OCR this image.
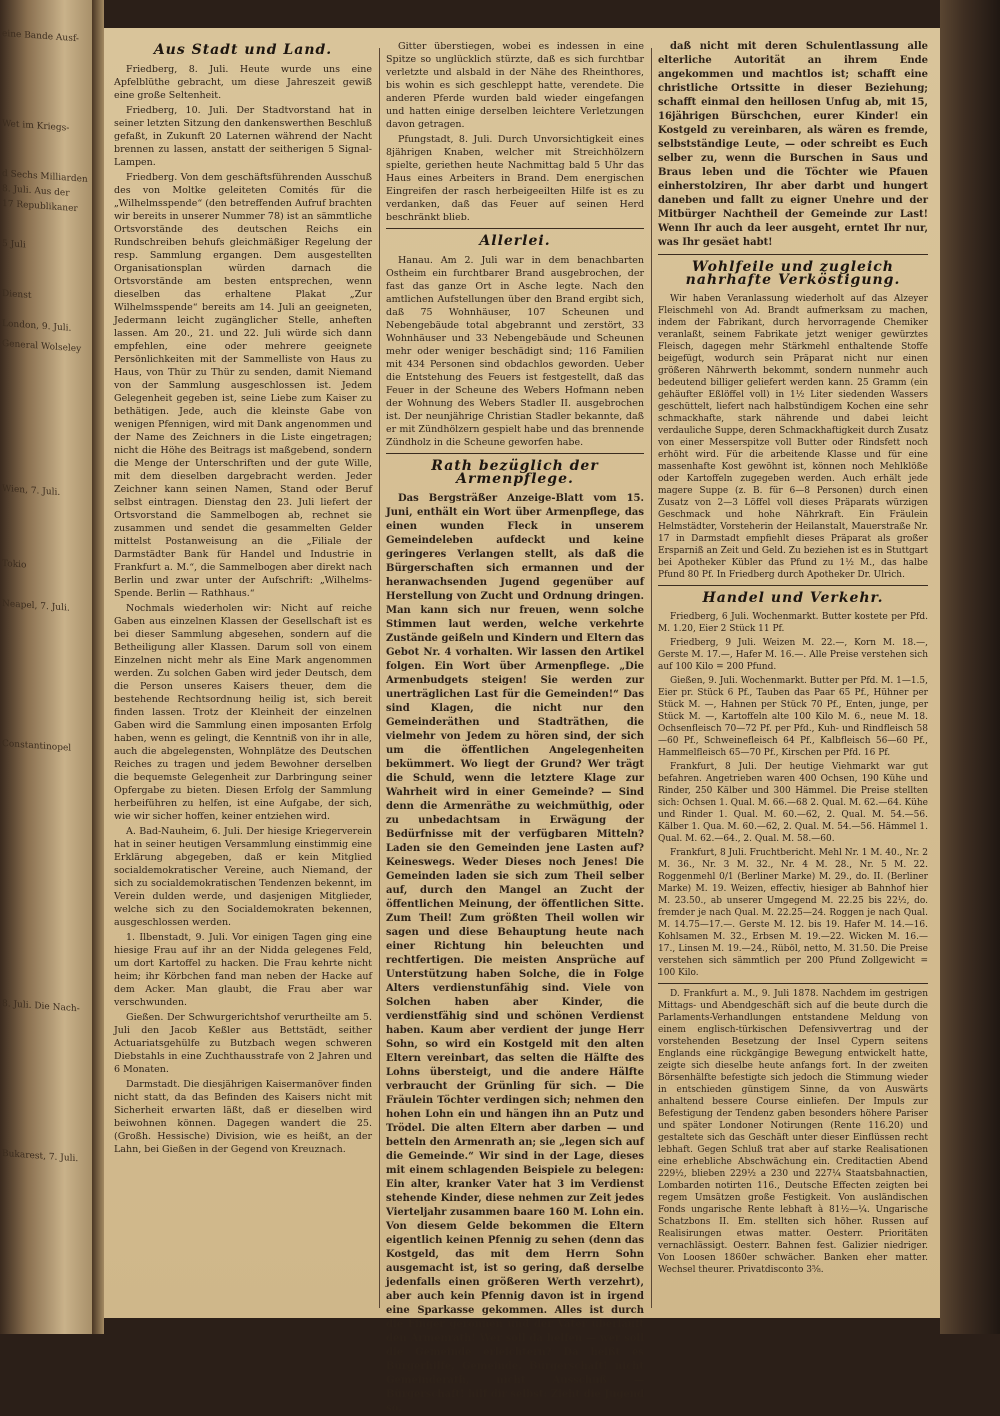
eine Bande Ausf-
Wet im Kriegs-
d Sechs Milliarden
8. Juli. Aus der
17 Republikaner
5 Juli
Dienst
London, 9. Juli.
General Wolseley
Wien, 7. Juli.
Tokio
Neapel, 7. Juli.
Constantinopel
8. Juli. Die Nach-
Bukarest, 7. Juli.
Aus Stadt und Land.

Friedberg, 8. Juli. Heute wurde uns eine Apfelblüthe gebracht, um diese Jahreszeit gewiß eine große Seltenheit.

Friedberg, 10. Juli. Der Stadtvorstand hat in seiner letzten Sitzung den dankenswerthen Beschluß gefaßt, in Zukunft 20 Laternen während der Nacht brennen zu lassen, anstatt der seitherigen 5 Signal-Lampen.

Friedberg. Von dem geschäftsführenden Ausschuß des von Moltke geleiteten Comités für die „Wilhelmsspende“ (den betreffenden Aufruf brachten wir bereits in unserer Nummer 78) ist an sämmtliche Ortsvorstände des deutschen Reichs ein Rundschreiben behufs gleichmäßiger Regelung der resp. Sammlung ergangen. Dem ausgestellten Organisationsplan würden darnach die Ortsvorstände am besten entsprechen, wenn dieselben das erhaltene Plakat „Zur Wilhelmsspende“ bereits am 14. Juli an geeigneten, Jedermann leicht zugänglicher Stelle, anheften lassen. Am 20., 21. und 22. Juli würde sich dann empfehlen, eine oder mehrere geeignete Persönlichkeiten mit der Sammelliste von Haus zu Haus, von Thür zu Thür zu senden, damit Niemand von der Sammlung ausgeschlossen ist. Jedem Gelegenheit gegeben ist, seine Liebe zum Kaiser zu bethätigen. Jede, auch die kleinste Gabe von wenigen Pfennigen, wird mit Dank angenommen und der Name des Zeichners in die Liste eingetragen; nicht die Höhe des Beitrags ist maßgebend, sondern die Menge der Unterschriften und der gute Wille, mit dem dieselben dargebracht werden. Jeder Zeichner kann seinen Namen, Stand oder Beruf selbst eintragen. Dienstag den 23. Juli liefert der Ortsvorstand die Sammelbogen ab, rechnet sie zusammen und sendet die gesammelten Gelder mittelst Postanweisung an die „Filiale der Darmstädter Bank für Handel und Industrie in Frankfurt a. M.“, die Sammelbogen aber direkt nach Berlin und zwar unter der Aufschrift: „Wilhelms-Spende. Berlin — Rathhaus.“

Nochmals wiederholen wir: Nicht auf reiche Gaben aus einzelnen Klassen der Gesellschaft ist es bei dieser Sammlung abgesehen, sondern auf die Betheiligung aller Klassen. Darum soll von einem Einzelnen nicht mehr als Eine Mark angenommen werden. Zu solchen Gaben wird jeder Deutsch, dem die Person unseres Kaisers theuer, dem die bestehende Rechtsordnung heilig ist, sich bereit finden lassen. Trotz der Kleinheit der einzelnen Gaben wird die Sammlung einen imposanten Erfolg haben, wenn es gelingt, die Kenntniß von ihr in alle, auch die abgelegensten, Wohnplätze des Deutschen Reiches zu tragen und jedem Bewohner derselben die bequemste Gelegenheit zur Darbringung seiner Opfergabe zu bieten. Diesen Erfolg der Sammlung herbeiführen zu helfen, ist eine Aufgabe, der sich, wie wir sicher hoffen, keiner entziehen wird.

A. Bad-Nauheim, 6. Juli. Der hiesige Kriegerverein hat in seiner heutigen Versammlung einstimmig eine Erklärung abgegeben, daß er kein Mitglied socialdemokratischer Vereine, auch Niemand, der sich zu socialdemokratischen Tendenzen bekennt, im Verein dulden werde, und dasjenigen Mitglieder, welche sich zu den Socialdemokraten bekennen, ausgeschlossen werden.

1. Ilbenstadt, 9. Juli. Vor einigen Tagen ging eine hiesige Frau auf ihr an der Nidda gelegenes Feld, um dort Kartoffel zu hacken. Die Frau kehrte nicht heim; ihr Körbchen fand man neben der Hacke auf dem Acker. Man glaubt, die Frau aber war verschwunden.

Gießen. Der Schwurgerichtshof verurtheilte am 5. Juli den Jacob Keßler aus Bettstädt, seither Actuariatsgehülfe zu Butzbach wegen schweren Diebstahls in eine Zuchthausstrafe von 2 Jahren und 6 Monaten.

Darmstadt. Die diesjährigen Kaisermanöver finden nicht statt, da das Befinden des Kaisers nicht mit Sicherheit erwarten läßt, daß er dieselben wird beiwohnen können. Dagegen wandert die 25. (Großh. Hessische) Division, wie es heißt, an der Lahn, bei Gießen in der Gegend von Kreuznach.

Gitter überstiegen, wobei es indessen in eine Spitze so unglücklich stürzte, daß es sich furchtbar verletzte und alsbald in der Nähe des Rheinthores, bis wohin es sich geschleppt hatte, verendete. Die anderen Pferde wurden bald wieder eingefangen und hatten einige derselben leichtere Verletzungen davon getragen.

Pfungstadt, 8. Juli. Durch Unvorsichtigkeit eines 8jährigen Knaben, welcher mit Streichhölzern spielte, geriethen heute Nachmittag bald 5 Uhr das Haus eines Arbeiters in Brand. Dem energischen Eingreifen der rasch herbeigeeilten Hilfe ist es zu verdanken, daß das Feuer auf seinen Herd beschränkt blieb.

Allerlei.

Hanau. Am 2. Juli war in dem benachbarten Ostheim ein furchtbarer Brand ausgebrochen, der fast das ganze Ort in Asche legte. Nach den amtlichen Aufstellungen über den Brand ergibt sich, daß 75 Wohnhäuser, 107 Scheunen und Nebengebäude total abgebrannt und zerstört, 33 Wohnhäuser und 33 Nebengebäude und Scheunen mehr oder weniger beschädigt sind; 116 Familien mit 434 Personen sind obdachlos geworden. Ueber die Entstehung des Feuers ist festgestellt, daß das Feuer in der Scheune des Webers Hofmann neben der Wohnung des Webers Stadler II. ausgebrochen ist. Der neunjährige Christian Stadler bekannte, daß er mit Zündhölzern gespielt habe und das brennende Zündholz in die Scheune geworfen habe.

Rath bezüglich der Armenpflege.

Das Bergsträßer Anzeige-Blatt vom 15. Juni, enthält ein Wort über Armenpflege, das einen wunden Fleck in unserem Gemeindeleben aufdeckt und keine geringeres Verlangen stellt, als daß die Bürgerschaften sich ermannen und der heranwachsenden Jugend gegenüber auf Herstellung von Zucht und Ordnung dringen. Man kann sich nur freuen, wenn solche Stimmen laut werden, welche verkehrte Zustände geißeln und Kindern und Eltern das Gebot Nr. 4 vorhalten. Wir lassen den Artikel folgen. Ein Wort über Armenpflege. „Die Armenbudgets steigen! Sie werden zur unerträglichen Last für die Gemeinden!“ Das sind Klagen, die nicht nur den Gemeinderäthen und Stadträthen, die vielmehr von Jedem zu hören sind, der sich um die öffentlichen Angelegenheiten bekümmert. Wo liegt der Grund? Wer trägt die Schuld, wenn die letztere Klage zur Wahrheit wird in einer Gemeinde? — Sind denn die Armenräthe zu weichmüthig, oder zu unbedachtsam in Erwägung der Bedürfnisse mit der verfügbaren Mitteln? Laden sie den Gemeinden jene Lasten auf? Keineswegs. Weder Dieses noch Jenes! Die Gemeinden laden sie sich zum Theil selber auf, durch den Mangel an Zucht der öffentlichen Meinung, der öffentlichen Sitte. Zum Theil! Zum größten Theil wollen wir sagen und diese Behauptung heute nach einer Richtung hin beleuchten und rechtfertigen. Die meisten Ansprüche auf Unterstützung haben Solche, die in Folge Alters verdienstunfähig sind. Viele von Solchen haben aber Kinder, die verdienstfähig sind und schönen Verdienst haben. Kaum aber verdient der junge Herr Sohn, so wird ein Kostgeld mit den alten Eltern vereinbart, das selten die Hälfte des Lohns übersteigt, und die andere Hälfte verbraucht der Grünling für sich. — Die Fräulein Töchter verdingen sich; nehmen den hohen Lohn ein und hängen ihn an Putz und Trödel. Die alten Eltern aber darben — und betteln den Armenrath an; sie „legen sich auf die Gemeinde.“ Wir sind in der Lage, dieses mit einem schlagenden Beispiele zu belegen: Ein alter, kranker Vater hat 3 im Verdienst stehende Kinder, diese nehmen zur Zeit jedes Vierteljahr zusammen baare 160 M. Lohn ein. Von diesem Gelde bekommen die Eltern eigentlich keinen Pfennig zu sehen (denn das Kostgeld, das mit dem Herrn Sohn ausgemacht ist, ist so gering, daß derselbe jedenfalls einen größeren Werth verzehrt), aber auch kein Pfennig davon ist in irgend eine Sparkasse gekommen. Alles ist durch die Finger geronnen und der Vater überläuft den Armenrath! Wer soll da helfen — wer soll die Gemeinde erleichtern? Da heißt es Bürgerhilfe, Gemeinde, Bürgerschaft! nicht Gemeinderath, nicht Ausschuß — Bürgerschaft! hilf dir selbst: Zieht die Jugend so,

daß nicht mit deren Schulentlassung alle elterliche Autorität an ihrem Ende angekommen und machtlos ist; schafft eine christliche Ortssitte in dieser Beziehung; schafft einmal den heillosen Unfug ab, mit 15, 16jährigen Bürschchen, eurer Kinder! ein Kostgeld zu vereinbaren, als wären es fremde, selbstständige Leute, — oder schreibt es Euch selber zu, wenn die Burschen in Saus und Braus leben und die Töchter wie Pfauen einherstolziren, Ihr aber darbt und hungert daneben und fallt zu eigner Unehre und der Mitbürger Nachtheil der Gemeinde zur Last! Wenn Ihr auch da leer ausgeht, erntet Ihr nur, was Ihr gesäet habt!

Wohlfeile und zugleich nahrhafte Verköstigung.

Wir haben Veranlassung wiederholt auf das Alzeyer Fleischmehl von Ad. Brandt aufmerksam zu machen, indem der Fabrikant, durch hervorragende Chemiker veranlaßt, seinem Fabrikate jetzt weniger gewürztes Fleisch, dagegen mehr Stärkmehl enthaltende Stoffe beigefügt, wodurch sein Präparat nicht nur einen größeren Nährwerth bekommt, sondern nunmehr auch bedeutend billiger geliefert werden kann. 25 Gramm (ein gehäufter Eßlöffel voll) in 1½ Liter siedenden Wassers geschüttelt, liefert nach halbstündigem Kochen eine sehr schmackhafte, stark nährende und dabei leicht verdauliche Suppe, deren Schmackhaftigkeit durch Zusatz von einer Messerspitze voll Butter oder Rindsfett noch erhöht wird. Für die arbeitende Klasse und für eine massenhafte Kost gewöhnt ist, können noch Mehlklöße oder Kartoffeln zugegeben werden. Auch erhält jede magere Suppe (z. B. für 6—8 Personen) durch einen Zusatz von 2—3 Löffel voll dieses Präparats würzigen Geschmack und hohe Nährkraft. Ein Fräulein Helmstädter, Vorsteherin der Heilanstalt, Mauerstraße Nr. 17 in Darmstadt empfiehlt dieses Präparat als großer Ersparniß an Zeit und Geld. Zu beziehen ist es in Stuttgart bei Apotheker Kübler das Pfund zu 1½ M., das halbe Pfund 80 Pf. In Friedberg durch Apotheker Dr. Ulrich.

Handel und Verkehr.

Friedberg, 6 Juli. Wochenmarkt. Butter kostete per Pfd. M. 1.20, Eier 2 Stück 11 Pf.

Friedberg, 9 Juli. Weizen M. 22.—, Korn M. 18.—, Gerste M. 17.—, Hafer M. 16.—. Alle Preise verstehen sich auf 100 Kilo = 200 Pfund.

Gießen, 9. Juli. Wochenmarkt. Butter per Pfd. M. 1—1.5, Eier pr. Stück 6 Pf., Tauben das Paar 65 Pf., Hühner per Stück M. —, Hahnen per Stück 70 Pf., Enten, junge, per Stück M. —, Kartoffeln alte 100 Kilo M. 6., neue M. 18. Ochsenfleisch 70—72 Pf. per Pfd., Kuh- und Rindfleisch 58—60 Pf., Schweinefleisch 64 Pf., Kalbfleisch 56—60 Pf., Hammelfleisch 65—70 Pf., Kirschen per Pfd. 16 Pf.

Frankfurt, 8 Juli. Der heutige Viehmarkt war gut befahren. Angetrieben waren 400 Ochsen, 190 Kühe und Rinder, 250 Kälber und 300 Hämmel. Die Preise stellten sich: Ochsen 1. Qual. M. 66.—68 2. Qual. M. 62.—64. Kühe und Rinder 1. Qual. M. 60.—62, 2. Qual. M. 54.—56. Kälber 1. Qua. M. 60.—62, 2. Qual. M. 54.—56. Hämmel 1. Qual. M. 62.—64., 2. Qual. M. 58.—60.

Frankfurt, 8 Juli. Fruchtbericht. Mehl Nr. 1 M. 40., Nr. 2 M. 36., Nr. 3 M. 32., Nr. 4 M. 28., Nr. 5 M. 22. Roggenmehl 0/1 (Berliner Marke) M. 29., do. II. (Berliner Marke) M. 19. Weizen, effectiv, hiesiger ab Bahnhof hier M. 23.50., ab unserer Umgegend M. 22.25 bis 22½, do. fremder je nach Qual. M. 22.25—24. Roggen je nach Qual. M. 14.75—17.—. Gerste M. 12. bis 19. Hafer M. 14.—16. Kohlsamen M. 32., Erbsen M. 19.—22. Wicken M. 16.—17., Linsen M. 19.—24., Rüböl, netto, M. 31.50. Die Preise verstehen sich sämmtlich per 200 Pfund Zollgewicht = 100 Kilo.

D. Frankfurt a. M., 9. Juli 1878. Nachdem im gestrigen Mittags- und Abendgeschäft sich auf die beute durch die Parlaments-Verhandlungen entstandene Meldung von einem englisch-türkischen Defensivvertrag und der vorstehenden Besetzung der Insel Cypern seitens Englands eine rückgängige Bewegung entwickelt hatte, zeigte sich dieselbe heute anfangs fort. In der zweiten Börsenhälfte befestigte sich jedoch die Stimmung wieder in entschieden günstigem Sinne, da von Auswärts anhaltend bessere Course einliefen. Der Impuls zur Befestigung der Tendenz gaben besonders höhere Pariser und später Londoner Notirungen (Rente 116.20) und gestaltete sich das Geschäft unter dieser Einflüssen recht lebhaft. Gegen Schluß trat aber auf starke Realisationen eine erhebliche Abschwächung ein. Creditactien Abend 229½, blieben 229½ a 230 und 227¼ Staatsbahnactien, Lombarden notirten 116., Deutsche Effecten zeigten bei regem Umsätzen große Festigkeit. Von ausländischen Fonds ungarische Rente lebhaft à 81½—¼. Ungarische Schatzbons II. Em. stellten sich höher. Russen auf Realisirungen etwas matter. Oesterr. Prioritäten vernachlässigt. Oesterr. Bahnen fest. Galizier niedriger. Von Loosen 1860er schwächer. Banken eher matter. Wechsel theurer. Privatdisconto 3⅝.
